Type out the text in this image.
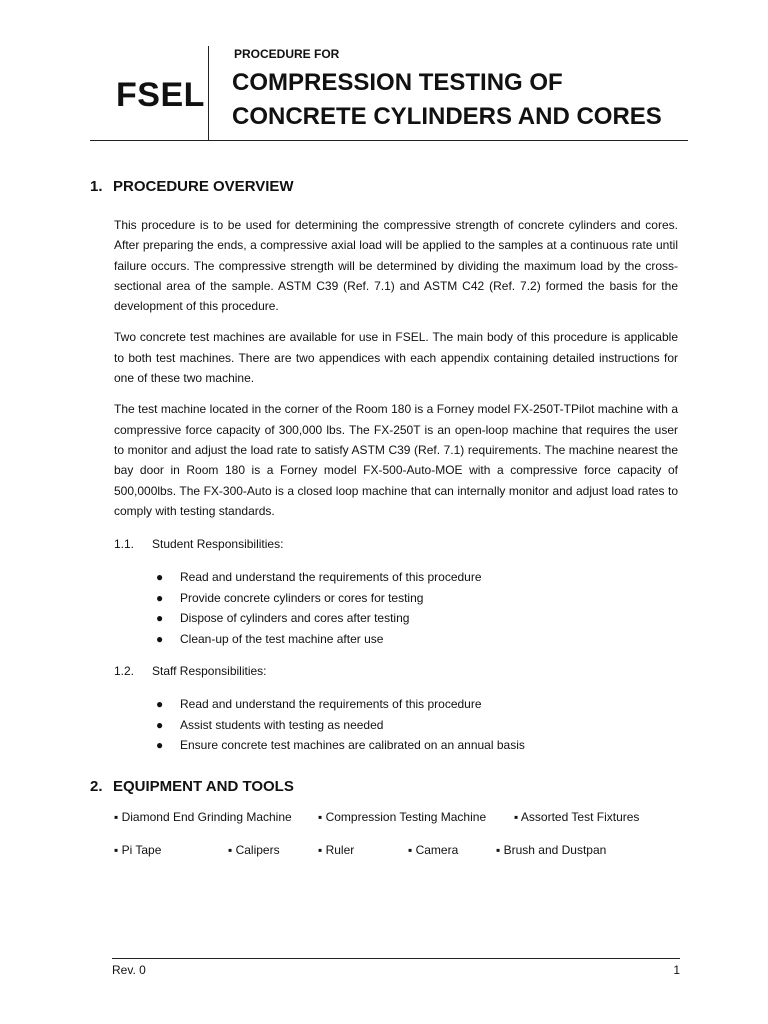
FSEL
PROCEDURE FOR
COMPRESSION TESTING OF
CONCRETE CYLINDERS AND CORES
1. PROCEDURE OVERVIEW

This procedure is to be used for determining the compressive strength of concrete cylinders and cores. After preparing the ends, a compressive axial load will be applied to the samples at a continuous rate until failure occurs. The compressive strength will be determined by dividing the maximum load by the cross-sectional area of the sample. ASTM C39 (Ref. 7.1) and ASTM C42 (Ref. 7.2) formed the basis for the development of this procedure.

Two concrete test machines are available for use in FSEL. The main body of this procedure is applicable to both test machines. There are two appendices with each appendix containing detailed instructions for one of these two machine.

The test machine located in the corner of the Room 180 is a Forney model FX-250T-TPilot machine with a compressive force capacity of 300,000 lbs. The FX-250T is an open-loop machine that requires the user to monitor and adjust the load rate to satisfy ASTM C39 (Ref. 7.1) requirements. The machine nearest the bay door in Room 180 is a Forney model FX-500-Auto-MOE with a compressive force capacity of 500,000lbs. The FX-300-Auto is a closed loop machine that can internally monitor and adjust load rates to comply with testing standards.

1.1.	Student Responsibilities:
●	Read and understand the requirements of this procedure
●	Provide concrete cylinders or cores for testing
●	Dispose of cylinders and cores after testing
●	Clean-up of the test machine after use
1.2.	Staff Responsibilities:
●	Read and understand the requirements of this procedure
●	Assist students with testing as needed
●	Ensure concrete test machines are calibrated on an annual basis
2. EQUIPMENT AND TOOLS
▪ Diamond End Grinding Machine	▪ Compression Testing Machine	▪ Assorted Test Fixtures
▪ Pi Tape	▪ Calipers	▪ Ruler	▪ Camera	▪ Brush and Dustpan
Rev. 0	1
